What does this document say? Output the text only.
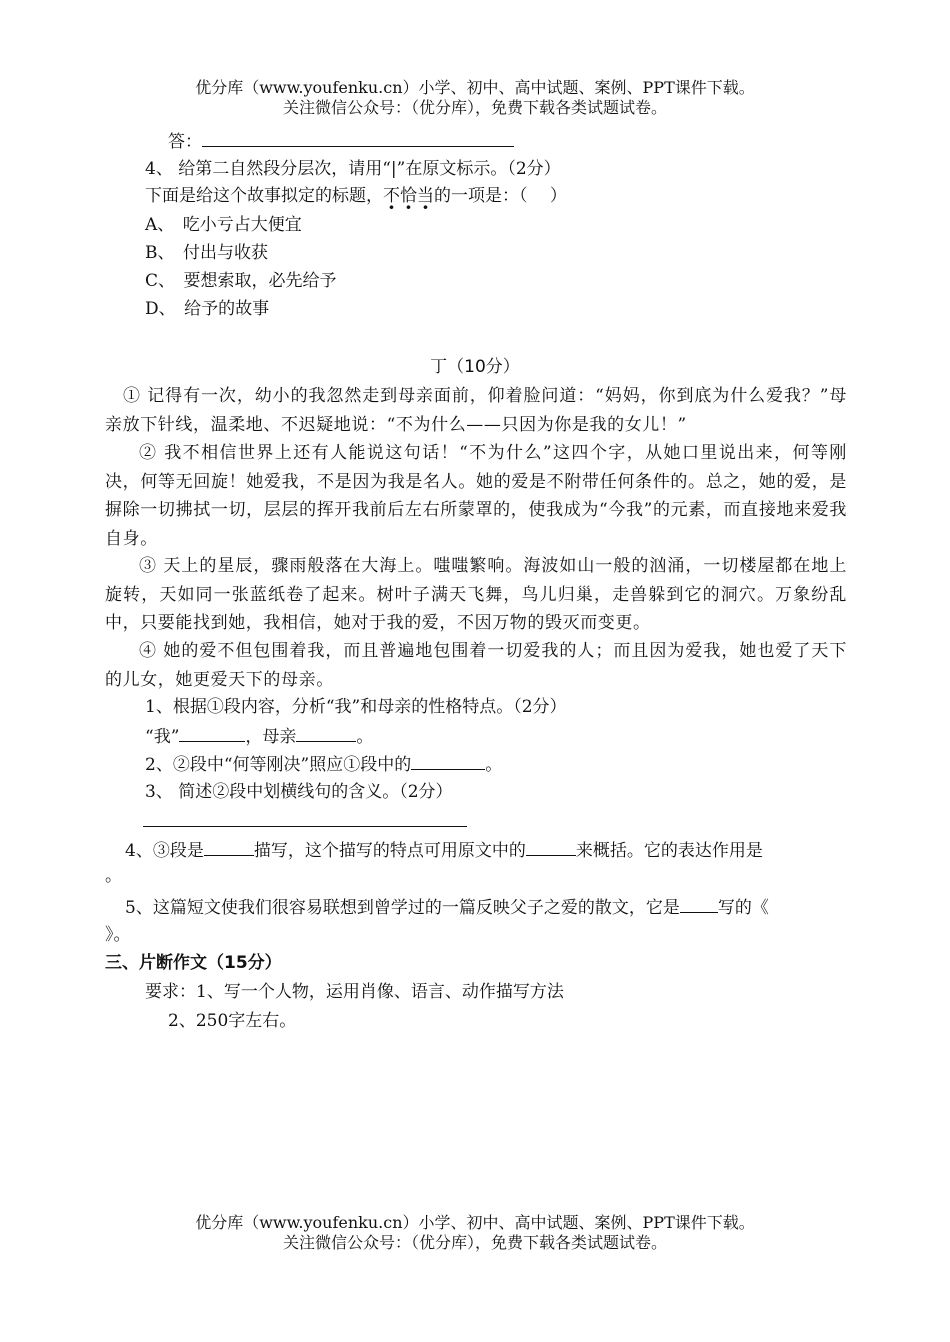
优分库（www.youfenku.cn）小学、初中、高中试题、案例、PPT课件下载。
关注微信公众号：（优分库），免费下载各类试题试卷。
答：
4、 给第二自然段分层次，请用“|”在原文标示。（2分）
下面是给这个故事拟定的标题，不恰当的一项是：（　 ）
A、　吃小亏占大便宜
B、　付出与收获
C、　要想索取，必先给予
D、　给予的故事
丁（10分）
① 记得有一次，幼小的我忽然走到母亲面前，仰着脸问道：“妈妈，你到底为什么爱我？”母亲放下针线，温柔地、不迟疑地说：“不为什么——只因为你是我的女儿！”
② 我不相信世界上还有人能说这句话！“不为什么”这四个字，从她口里说出来，何等刚决，何等无回旋！她爱我，不是因为我是名人。她的爱是不附带任何条件的。总之，她的爱，是摒除一切拂拭一切，层层的挥开我前后左右所蒙罩的，使我成为“今我”的元素，而直接地来爱我自身。
③ 天上的星辰，骤雨般落在大海上。嗤嗤繁响。海波如山一般的汹涌，一切楼屋都在地上旋转，天如同一张蓝纸卷了起来。树叶子满天飞舞，鸟儿归巢，走兽躲到它的洞穴。万象纷乱中，只要能找到她，我相信，她对于我的爱，不因万物的毁灭而变更。
④ 她的爱不但包围着我，而且普遍地包围着一切爱我的人；而且因为爱我，她也爱了天下的儿女，她更爱天下的母亲。
1、根据①段内容，分析“我”和母亲的性格特点。（2分）
“我”	，母亲	。
2、②段中“何等刚决”照应①段中的	。
3、 简述②段中划横线句的含义。（2分）
4、③段是	描写，这个描写的特点可用原文中的	来概括。它的表达作用是
。
5、这篇短文使我们很容易联想到曾学过的一篇反映父子之爱的散文，它是 写的《
》。
三、片断作文（15分）
要求：1、写一个人物，运用肖像、语言、动作描写方法
2、250字左右。
优分库（www.youfenku.cn）小学、初中、高中试题、案例、PPT课件下载。
关注微信公众号：（优分库），免费下载各类试题试卷。
